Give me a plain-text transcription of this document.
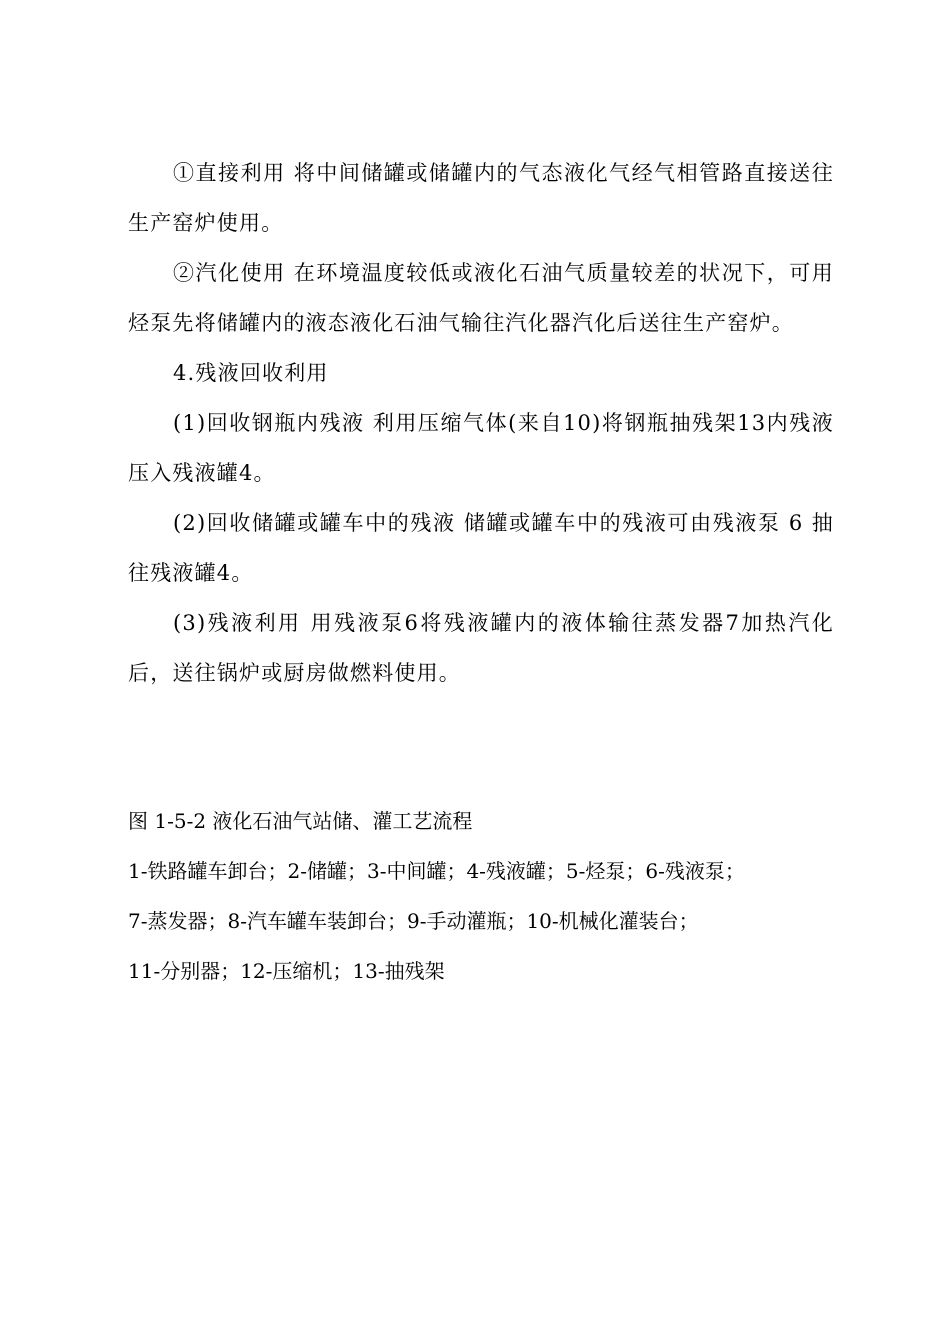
①直接利用 将中间储罐或储罐内的气态液化气经气相管路直接送往生产窑炉使用。

②汽化使用 在环境温度较低或液化石油气质量较差的状况下，可用烃泵先将储罐内的液态液化石油气输往汽化器汽化后送往生产窑炉。

4.残液回收利用

(1)回收钢瓶内残液 利用压缩气体(来自10)将钢瓶抽残架13内残液压入残液罐4。

(2)回收储罐或罐车中的残液 储罐或罐车中的残液可由残液泵 6 抽往残液罐4。

(3)残液利用 用残液泵6将残液罐内的液体输往蒸发器7加热汽化后，送往锅炉或厨房做燃料使用。

图 1-5-2 液化石油气站储、灌工艺流程

1-铁路罐车卸台；2-储罐；3-中间罐；4-残液罐；5-烃泵；6-残液泵；

7-蒸发器；8-汽车罐车装卸台；9-手动灌瓶；10-机械化灌装台；

11-分别器；12-压缩机；13-抽残架
